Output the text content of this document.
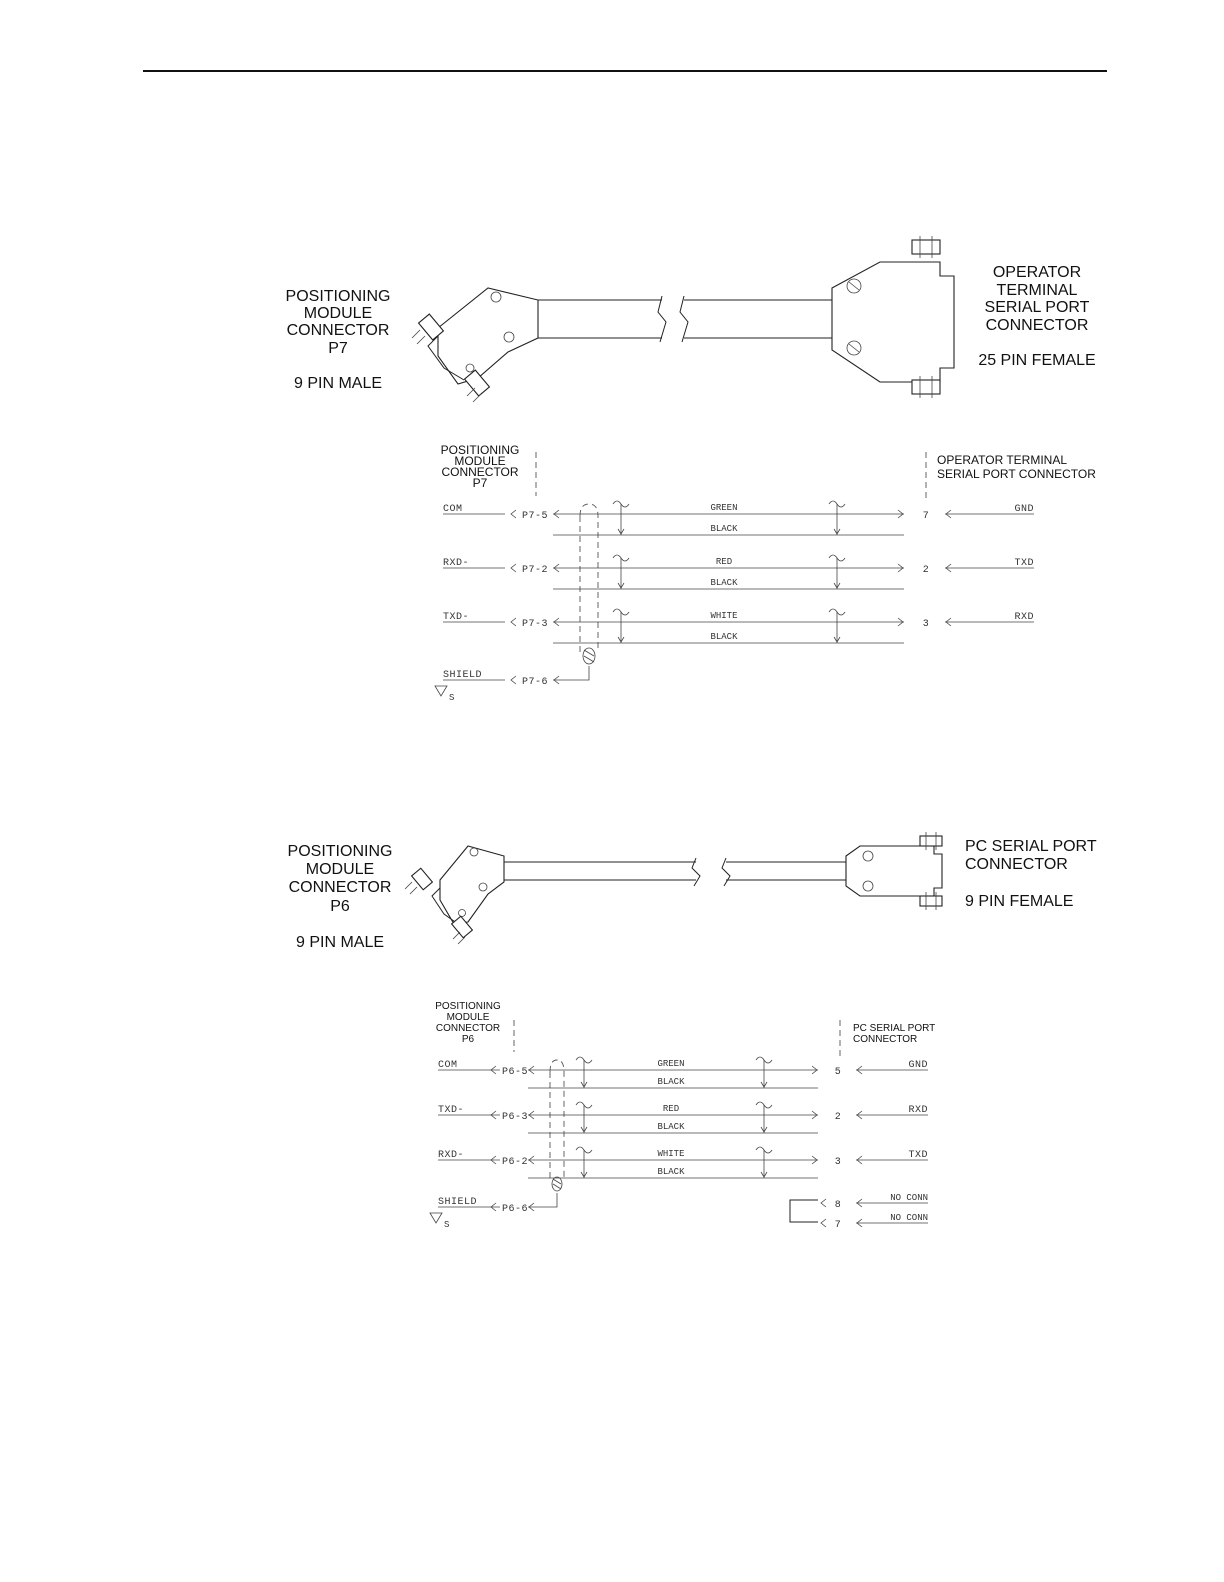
POSITIONING
MODULE
CONNECTOR
P7
9 PIN MALE
OPERATOR
TERMINAL
SERIAL PORT
CONNECTOR
25 PIN FEMALE
POSITIONING
MODULE
CONNECTOR
P7
OPERATOR TERMINAL
SERIAL PORT CONNECTOR
POSITIONING
MODULE
CONNECTOR
P6
9 PIN MALE
PC SERIAL PORT
CONNECTOR
9 PIN FEMALE
POSITIONING
MODULE
CONNECTOR
P6
PC SERIAL PORT
CONNECTOR
COM
P7-5
GREEN
BLACK
7
GND
RXD-
P7-2
RED
BLACK
2
TXD
TXD-
P7-3
WHITE
BLACK
3
RXD
SHIELD
P7-6
S
COM
P6-5
GREEN
BLACK
5
GND
TXD-
P6-3
RED
BLACK
2
RXD
RXD-
P6-2
WHITE
BLACK
3
TXD
SHIELD
P6-6
S
8
NO CONN
7
NO CONN
